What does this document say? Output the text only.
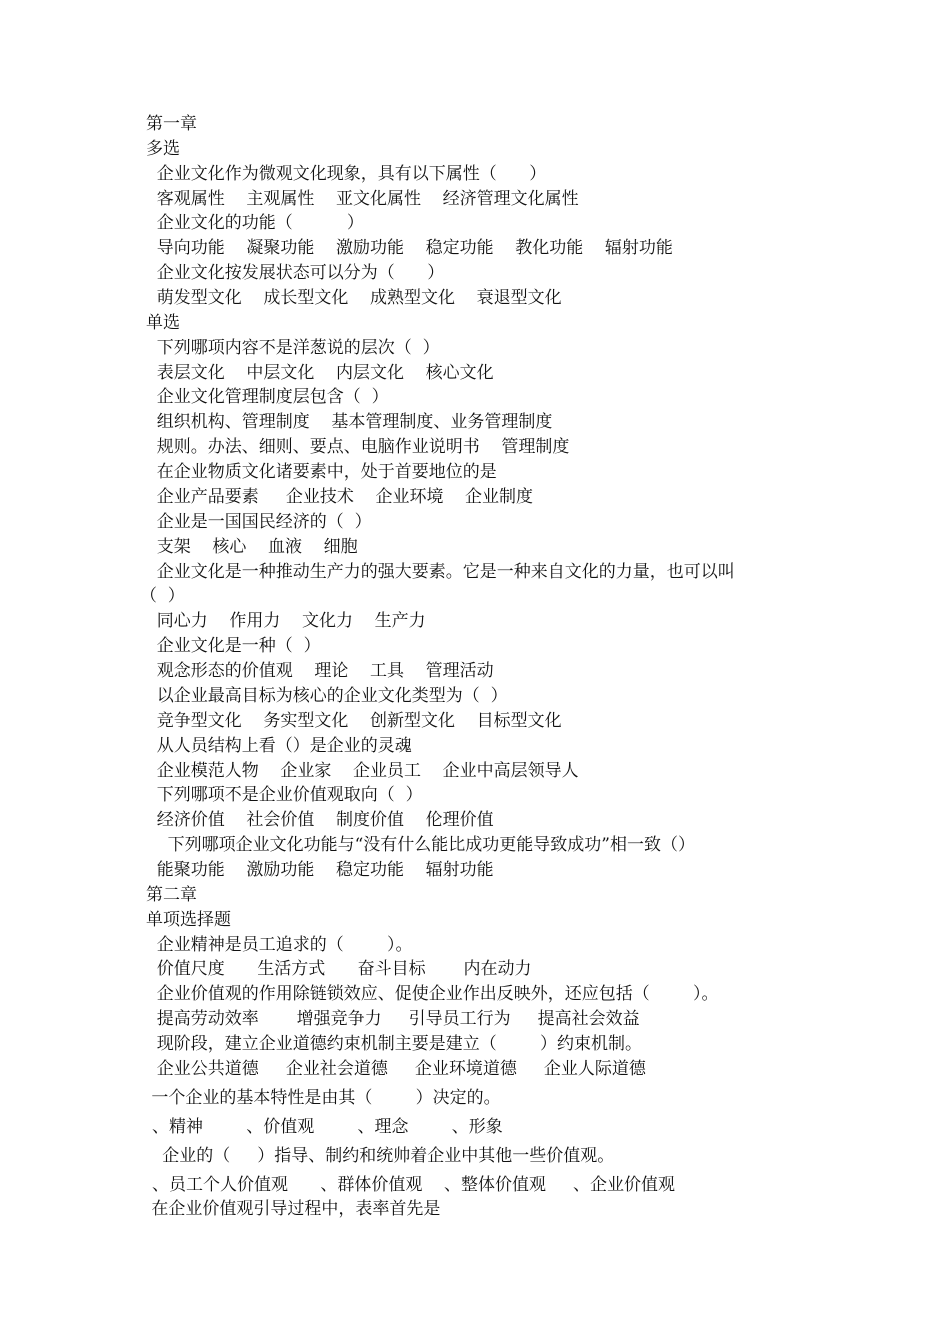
第一章
多选
企业文化作为微观文化现象，具有以下属性（      ）
客观属性    主观属性    亚文化属性    经济管理文化属性
企业文化的功能（          ）
导向功能    凝聚功能    激励功能    稳定功能    教化功能    辐射功能
企业文化按发展状态可以分为（      ）
萌发型文化    成长型文化    成熟型文化    衰退型文化
单选
下列哪项内容不是洋葱说的层次（  ）
表层文化    中层文化    内层文化    核心文化
企业文化管理制度层包含（  ）
组织机构、管理制度    基本管理制度、业务管理制度
规则。办法、细则、要点、电脑作业说明书    管理制度
在企业物质文化诸要素中，处于首要地位的是
企业产品要素     企业技术    企业环境    企业制度
企业是一国国民经济的（  ）
支架    核心    血液    细胞
企业文化是一种推动生产力的强大要素。它是一种来自文化的力量，也可以叫
（  ）
同心力    作用力    文化力    生产力
企业文化是一种（  ）
观念形态的价值观    理论    工具    管理活动
以企业最高目标为核心的企业文化类型为（  ）
竞争型文化    务实型文化    创新型文化    目标型文化
从人员结构上看（）是企业的灵魂
企业模范人物    企业家    企业员工    企业中高层领导人
下列哪项不是企业价值观取向（  ）
经济价值    社会价值    制度价值    伦理价值
下列哪项企业文化功能与“没有什么能比成功更能导致成功”相一致（）
能聚功能    激励功能    稳定功能    辐射功能
第二章
单项选择题
企业精神是员工追求的（        ）。
价值尺度      生活方式      奋斗目标       内在动力
企业价值观的作用除链锁效应、促使企业作出反映外，还应包括（        ）。
提高劳动效率       增强竞争力     引导员工行为     提高社会效益
现阶段，建立企业道德约束机制主要是建立（        ）约束机制。
企业公共道德     企业社会道德     企业环境道德     企业人际道德
一个企业的基本特性是由其（        ）决定的。
、精神        、价值观        、理念        、形象
企业的（     ）指导、制约和统帅着企业中其他一些价值观。
、员工个人价值观      、群体价值观    、整体价值观     、企业价值观
在企业价值观引导过程中，表率首先是
